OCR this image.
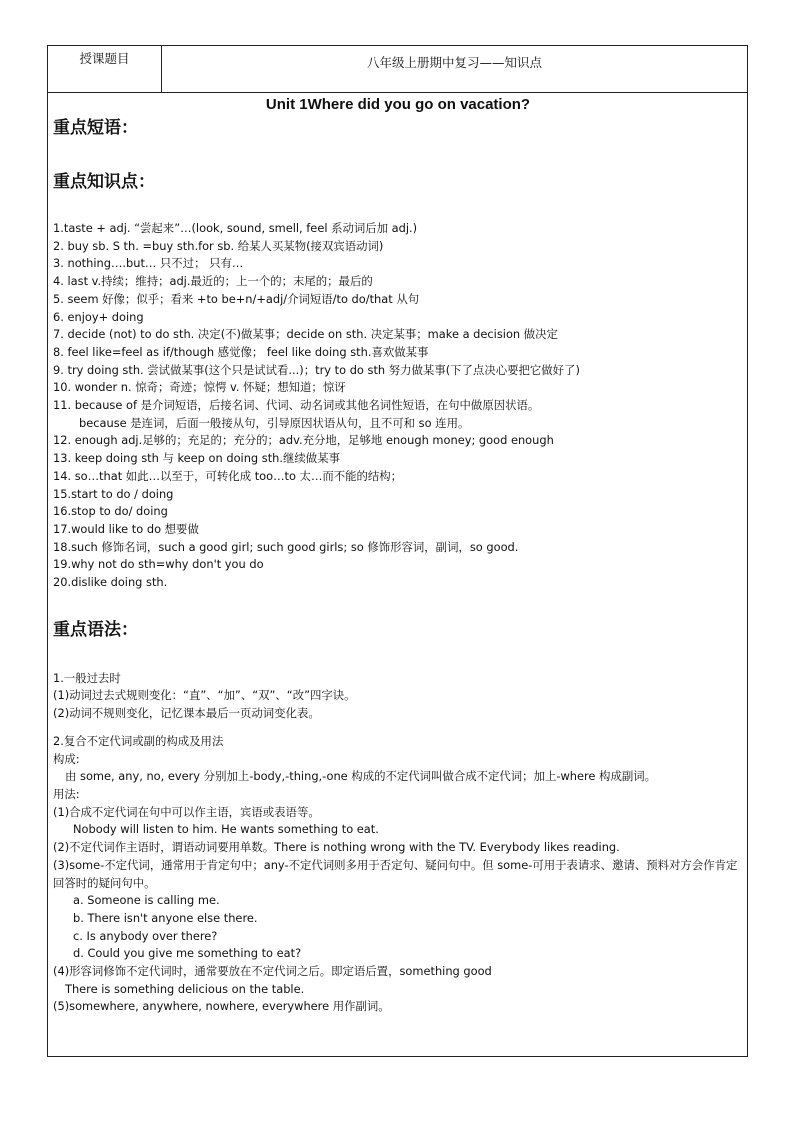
授课题目	八年级上册期中复习——知识点
Unit 1Where did you go on vacation?
重点短语：
重点知识点：
1.taste + adj. “尝起来”…(look, sound, smell, feel 系动词后加 adj.)
2. buy sb. S th. =buy sth.for sb. 给某人买某物(接双宾语动词)
3. nothing….but… 只不过； 只有…
4. last v.持续；维持；adj.最近的；上一个的；末尾的；最后的
5. seem 好像；似乎；看来 +to be+n/+adj/介词短语/to do/that 从句
6. enjoy+ doing
7. decide (not) to do sth. 决定(不)做某事；decide on sth. 决定某事；make a decision 做决定
8. feel like=feel as if/though 感觉像； feel like doing sth.喜欢做某事
9. try doing sth. 尝试做某事(这个只是试试看...)；try to do sth 努力做某事(下了点决心要把它做好了)
10. wonder n. 惊奇；奇迹；惊愕 v. 怀疑；想知道；惊讶
11. because of 是介词短语，后接名词、代词、动名词或其他名词性短语，在句中做原因状语。
because 是连词，后面一般接从句，引导原因状语从句，且不可和 so 连用。
12. enough adj.足够的；充足的；充分的；adv.充分地，足够地 enough money; good enough
13. keep doing sth 与 keep on doing sth.继续做某事
14. so…that 如此…以至于，可转化成 too…to 太…而不能的结构；
15.start to do / doing
16.stop to do/ doing
17.would like to do 想要做
18.such 修饰名词，such a good girl; such good girls; so 修饰形容词，副词，so good.
19.why not do sth=why don't you do
20.dislike doing sth.
重点语法：
1.一般过去时
(1)动词过去式规则变化：“直”、“加”、“双”、“改”四字诀。
(2)动词不规则变化，记忆课本最后一页动词变化表。
2.复合不定代词或副的构成及用法
构成:
由 some, any, no, every 分别加上-body,-thing,-one 构成的不定代词叫做合成不定代词；加上-where 构成副词。
用法:
(1)合成不定代词在句中可以作主语，宾语或表语等。
Nobody will listen to him. He wants something to eat.
(2)不定代词作主语时，谓语动词要用单数。There is nothing wrong with the TV. Everybody likes reading.
(3)some-不定代词，通常用于肯定句中；any-不定代词则多用于否定句、疑问句中。但 some-可用于表请求、邀请、预料对方会作肯定回答时的疑问句中。
a. Someone is calling me.
b. There isn't anyone else there.
c. Is anybody over there?
d. Could you give me something to eat?
(4)形容词修饰不定代词时，通常要放在不定代词之后。即定语后置，something good
There is something delicious on the table.
(5)somewhere, anywhere, nowhere, everywhere 用作副词。
